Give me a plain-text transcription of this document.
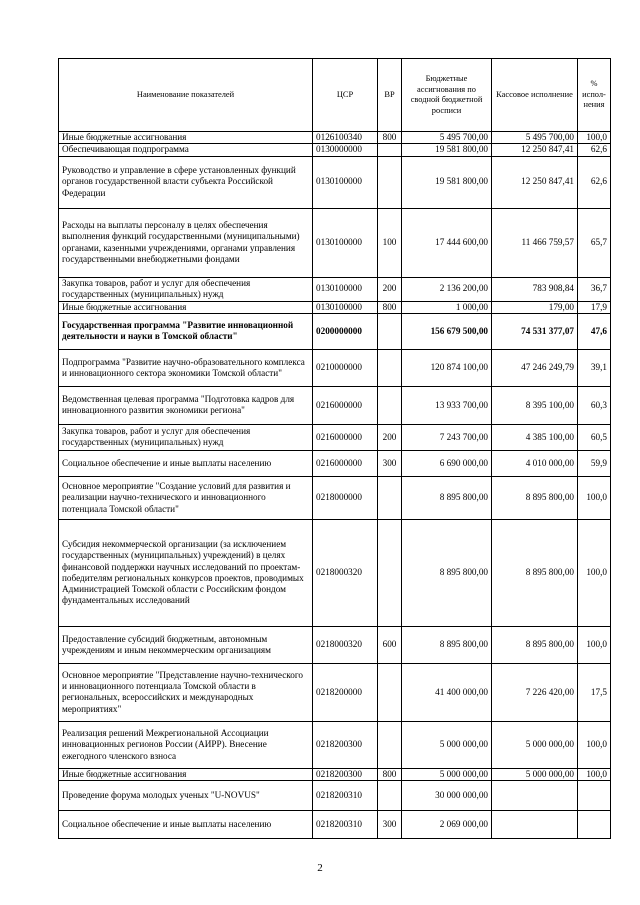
Наименование показателей	ЦСР	ВР	Бюджетные ассигнования по сводной бюджетной росписи	Кассовое исполнение	% испол-нения
Иные бюджетные ассигнования	0126100340	800	5 495 700,00	5 495 700,00	100,0
Обеспечивающая подпрограмма	0130000000		19 581 800,00	12 250 847,41	62,6
Руководство и управление в сфере установленных функций органов государственной власти субъекта Российской Федерации	0130100000		19 581 800,00	12 250 847,41	62,6
Расходы на выплаты персоналу в целях обеспечения выполнения функций государственными (муниципальными) органами, казенными учреждениями, органами управления государственными внебюджетными фондами	0130100000	100	17 444 600,00	11 466 759,57	65,7
Закупка товаров, работ и услуг для обеспечения государственных (муниципальных) нужд	0130100000	200	2 136 200,00	783 908,84	36,7
Иные бюджетные ассигнования	0130100000	800	1 000,00	179,00	17,9
Государственная программа "Развитие инновационной деятельности и науки в Томской области"	0200000000		156 679 500,00	74 531 377,07	47,6
Подпрограмма "Развитие научно-образовательного комплекса и инновационного сектора экономики Томской области"	0210000000		120 874 100,00	47 246 249,79	39,1
Ведомственная целевая программа "Подготовка кадров для инновационного развития экономики региона"	0216000000		13 933 700,00	8 395 100,00	60,3
Закупка товаров, работ и услуг для обеспечения государственных (муниципальных) нужд	0216000000	200	7 243 700,00	4 385 100,00	60,5
Социальное обеспечение и иные выплаты населению	0216000000	300	6 690 000,00	4 010 000,00	59,9
Основное мероприятие "Создание условий для развития и реализации научно-технического и инновационного потенциала Томской области"	0218000000		8 895 800,00	8 895 800,00	100,0
Субсидия некоммерческой организации (за исключением государственных (муниципальных) учреждений) в целях финансовой поддержки научных исследований по проектам-победителям региональных конкурсов проектов, проводимых Администрацией Томской области с Российским фондом фундаментальных исследований	0218000320		8 895 800,00	8 895 800,00	100,0
Предоставление субсидий бюджетным, автономным учреждениям и иным некоммерческим организациям	0218000320	600	8 895 800,00	8 895 800,00	100,0
Основное мероприятие "Представление научно-технического и инновационного потенциала Томской области в региональных, всероссийских и международных мероприятиях"	0218200000		41 400 000,00	7 226 420,00	17,5
Реализация решений Межрегиональной Ассоциации инновационных регионов России (АИРР). Внесение ежегодного членского взноса	0218200300		5 000 000,00	5 000 000,00	100,0
Иные бюджетные ассигнования	0218200300	800	5 000 000,00	5 000 000,00	100,0
Проведение форума молодых ученых "U-NOVUS"	0218200310		30 000 000,00		
Социальное обеспечение и иные выплаты населению	0218200310	300	2 069 000,00		
2
